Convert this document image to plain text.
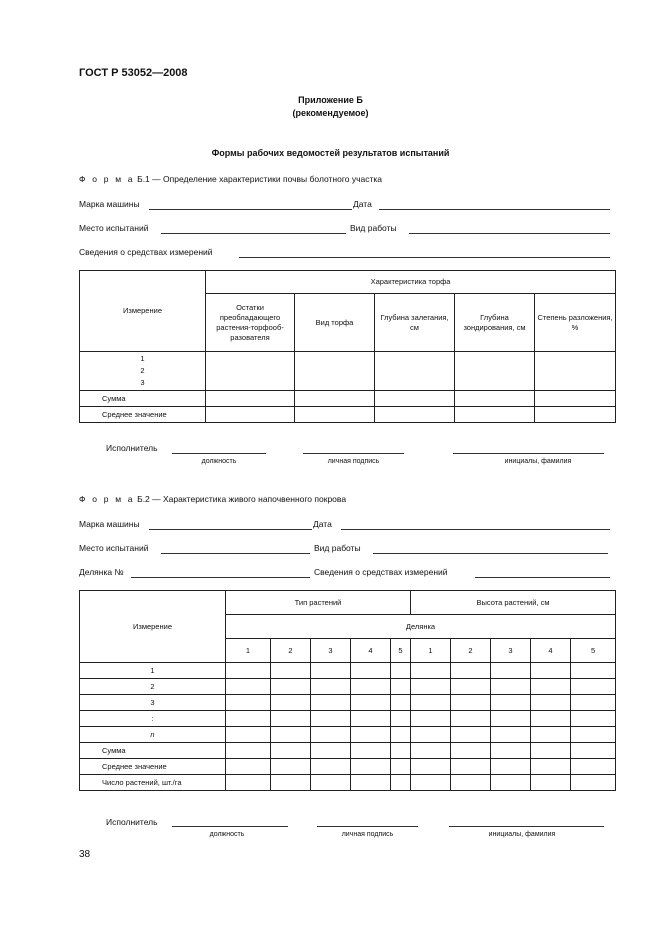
ГОСТ Р 53052—2008
Приложение Б
(рекомендуемое)
Формы рабочих ведомостей результатов испытаний
Ф о р м а Б.1 — Определение характеристики почвы болотного участка
Марка машины	Дата
Место испытаний	Вид работы
Сведения о средствах измерений
Измерение	Характеристика торфа				
	Остатки преобладающего растения-торфооб-разователя	Вид торфа	Глубина залегания, см	Глубина зондирования, см	Степень разложения, %

1
2
3					

Сумма					
Среднее значение					
Исполнитель
должность	личная подпись	инициалы, фамилия
Ф о р м а Б.2 — Характеристика живого напочвенного покрова
Марка машины	Дата
Место испытаний	Вид работы
Делянка №	Сведения о средствах измерений
Измерение	Тип растений					Высота растений, см				
	Делянка									
	1	2	3	4	5	1	2	3	4	5
1										
2										
3										
:										
n										
Сумма										
Среднее значение										
Число растений, шт./га										
Исполнитель
должность	личная подпись	инициалы, фамилия
38
